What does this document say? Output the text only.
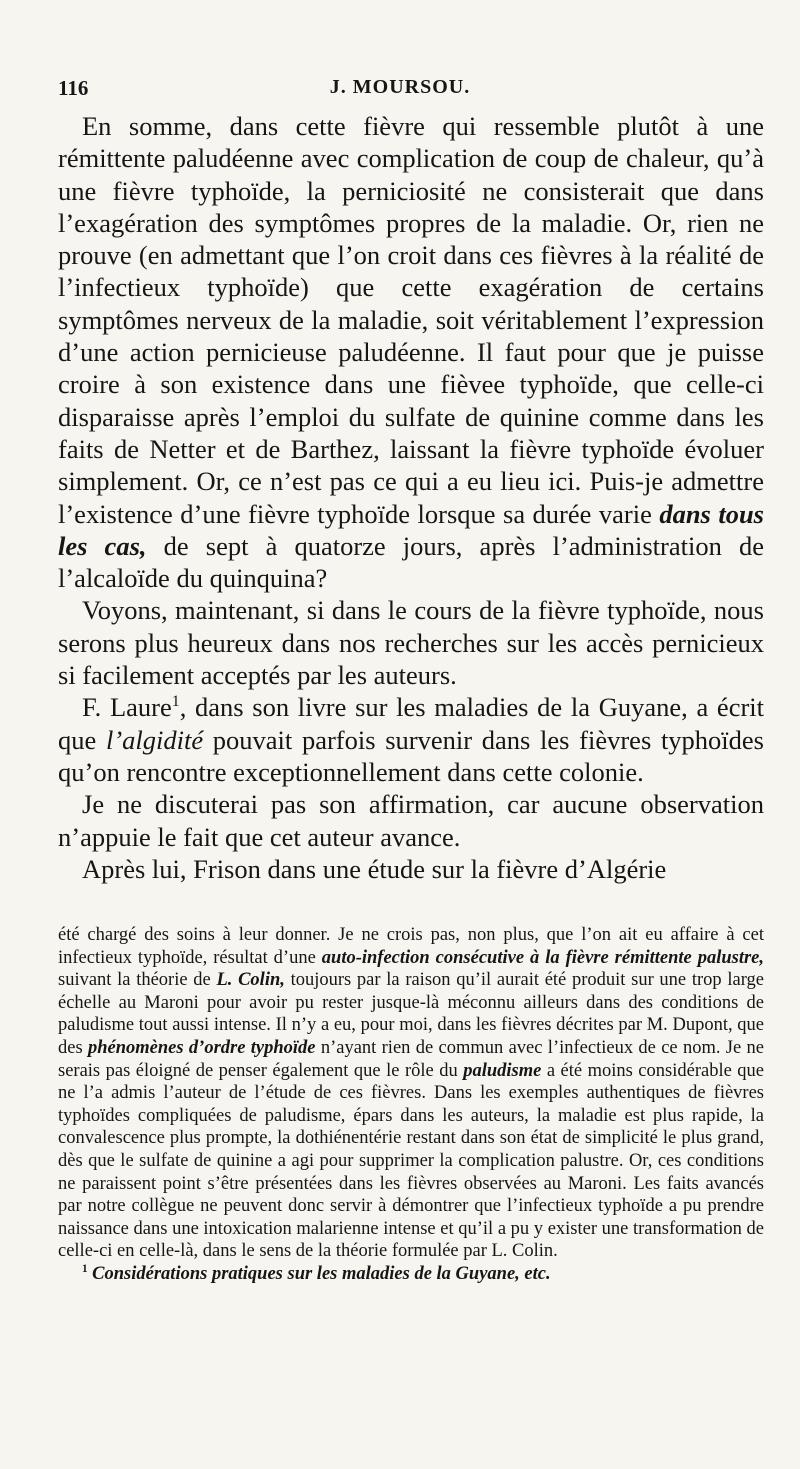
116	J. MOURSOU.

En somme, dans cette fièvre qui ressemble plutôt à une rémittente paludéenne avec complication de coup de chaleur, qu’à une fièvre typhoïde, la perniciosité ne consisterait que dans l’exagération des symptômes propres de la maladie. Or, rien ne prouve (en admettant que l’on croit dans ces fièvres à la réalité de l’infectieux typhoïde) que cette exagération de certains symptômes nerveux de la maladie, soit véritablement l’expression d’une action pernicieuse paludéenne. Il faut pour que je puisse croire à son existence dans une fièvee typhoïde, que celle-ci disparaisse après l’emploi du sulfate de quinine comme dans les faits de Netter et de Barthez, laissant la fièvre typhoïde évoluer simplement. Or, ce n’est pas ce qui a eu lieu ici. Puis-je admettre l’existence d’une fièvre typhoïde lorsque sa durée varie dans tous les cas, de sept à quatorze jours, après l’administration de l’alcaloïde du quinquina?

Voyons, maintenant, si dans le cours de la fièvre typhoïde, nous serons plus heureux dans nos recherches sur les accès pernicieux si facilement acceptés par les auteurs.

F. Laure$^1$, dans son livre sur les maladies de la Guyane, a écrit que l’algidité pouvait parfois survenir dans les fièvres typhoïdes qu’on rencontre exceptionnellement dans cette colonie.

Je ne discuterai pas son affirmation, car aucune observation n’appuie le fait que cet auteur avance.

Après lui, Frison dans une étude sur la fièvre d’Algérie

été chargé des soins à leur donner. Je ne crois pas, non plus, que l’on ait eu affaire à cet infectieux typhoïde, résultat d’une auto-infection consécutive à la fièvre rémittente palustre, suivant la théorie de L. Colin, toujours par la raison qu’il aurait été produit sur une trop large échelle au Maroni pour avoir pu rester jusque-là méconnu ailleurs dans des conditions de paludisme tout aussi intense. Il n’y a eu, pour moi, dans les fièvres décrites par M. Dupont, que des phénomènes d’ordre typhoïde n’ayant rien de commun avec l’infectieux de ce nom. Je ne serais pas éloigné de penser également que le rôle du paludisme a été moins considérable que ne l’a admis l’auteur de l’étude de ces fièvres. Dans les exemples authentiques de fièvres typhoïdes compliquées de paludisme, épars dans les auteurs, la maladie est plus rapide, la convalescence plus prompte, la dothiénentérie restant dans son état de simplicité le plus grand, dès que le sulfate de quinine a agi pour supprimer la complication palustre. Or, ces conditions ne paraissent point s’être présentées dans les fièvres observées au Maroni. Les faits avancés par notre collègue ne peuvent donc servir à démontrer que l’infectieux typhoïde a pu prendre naissance dans une intoxication malarienne intense et qu’il a pu y exister une transformation de celle-ci en celle-là, dans le sens de la théorie formulée par L. Colin.

$^1$ Considérations pratiques sur les maladies de la Guyane, etc.
